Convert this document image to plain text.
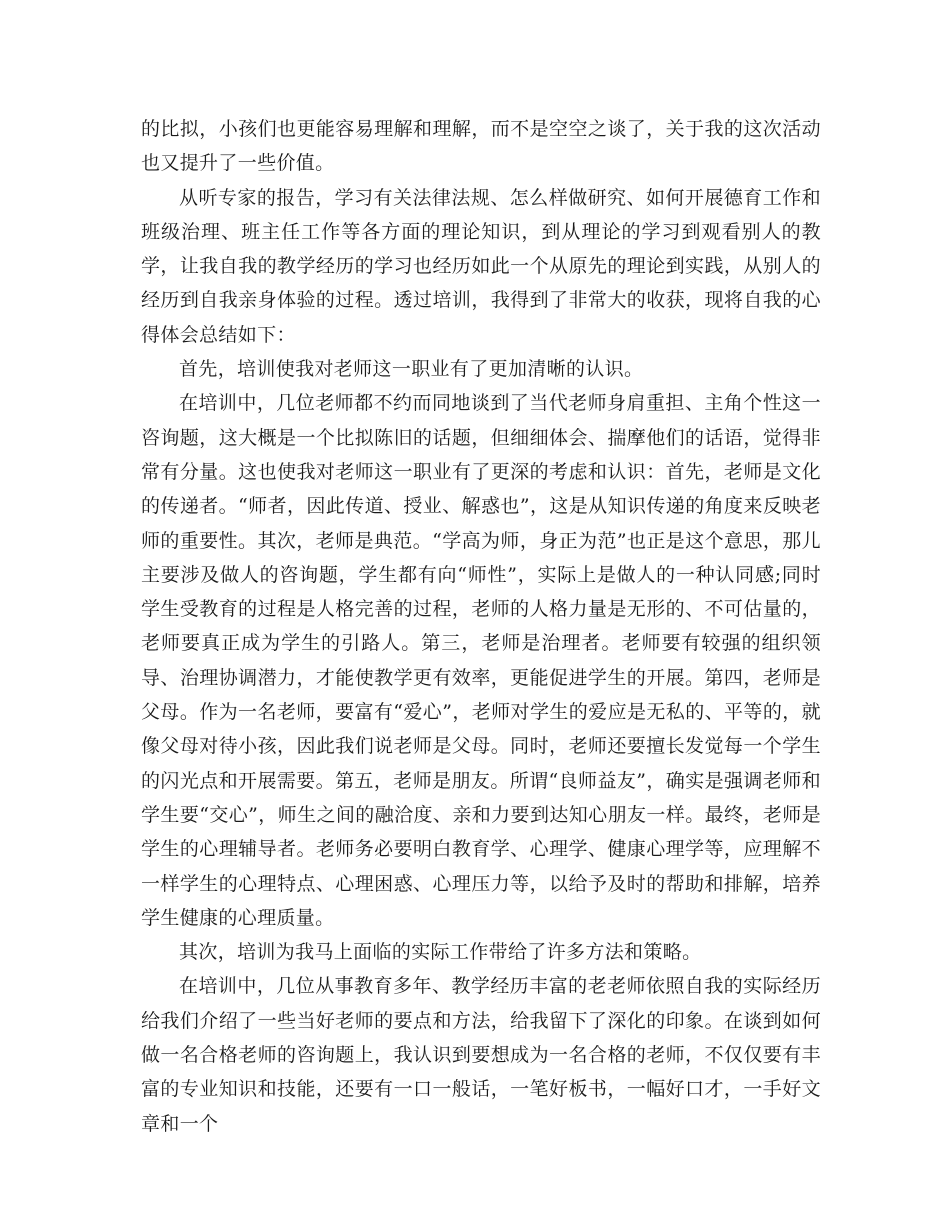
的比拟，小孩们也更能容易理解和理解，而不是空空之谈了，关于我的这次活动也又提升了一些价值。

从听专家的报告，学习有关法律法规、怎么样做研究、如何开展德育工作和班级治理、班主任工作等各方面的理论知识，到从理论的学习到观看别人的教学，让我自我的教学经历的学习也经历如此一个从原先的理论到实践，从别人的经历到自我亲身体验的过程。透过培训，我得到了非常大的收获，现将自我的心得体会总结如下：

首先，培训使我对老师这一职业有了更加清晰的认识。

在培训中，几位老师都不约而同地谈到了当代老师身肩重担、主角个性这一咨询题，这大概是一个比拟陈旧的话题，但细细体会、揣摩他们的话语，觉得非常有分量。这也使我对老师这一职业有了更深的考虑和认识：首先，老师是文化的传递者。“师者，因此传道、授业、解惑也”，这是从知识传递的角度来反映老师的重要性。其次，老师是典范。“学高为师，身正为范”也正是这个意思，那儿主要涉及做人的咨询题，学生都有向“师性”，实际上是做人的一种认同感;同时学生受教育的过程是人格完善的过程，老师的人格力量是无形的、不可估量的，老师要真正成为学生的引路人。第三，老师是治理者。老师要有较强的组织领导、治理协调潜力，才能使教学更有效率，更能促进学生的开展。第四，老师是父母。作为一名老师，要富有“爱心”，老师对学生的爱应是无私的、平等的，就像父母对待小孩，因此我们说老师是父母。同时，老师还要擅长发觉每一个学生的闪光点和开展需要。第五，老师是朋友。所谓“良师益友”，确实是强调老师和学生要“交心”，师生之间的融洽度、亲和力要到达知心朋友一样。最终，老师是学生的心理辅导者。老师务必要明白教育学、心理学、健康心理学等，应理解不一样学生的心理特点、心理困惑、心理压力等，以给予及时的帮助和排解，培养学生健康的心理质量。

其次，培训为我马上面临的实际工作带给了许多方法和策略。

在培训中，几位从事教育多年、教学经历丰富的老老师依照自我的实际经历给我们介绍了一些当好老师的要点和方法，给我留下了深化的印象。在谈到如何做一名合格老师的咨询题上，我认识到要想成为一名合格的老师，不仅仅要有丰富的专业知识和技能，还要有一口一般话，一笔好板书，一幅好口才，一手好文章和一个
